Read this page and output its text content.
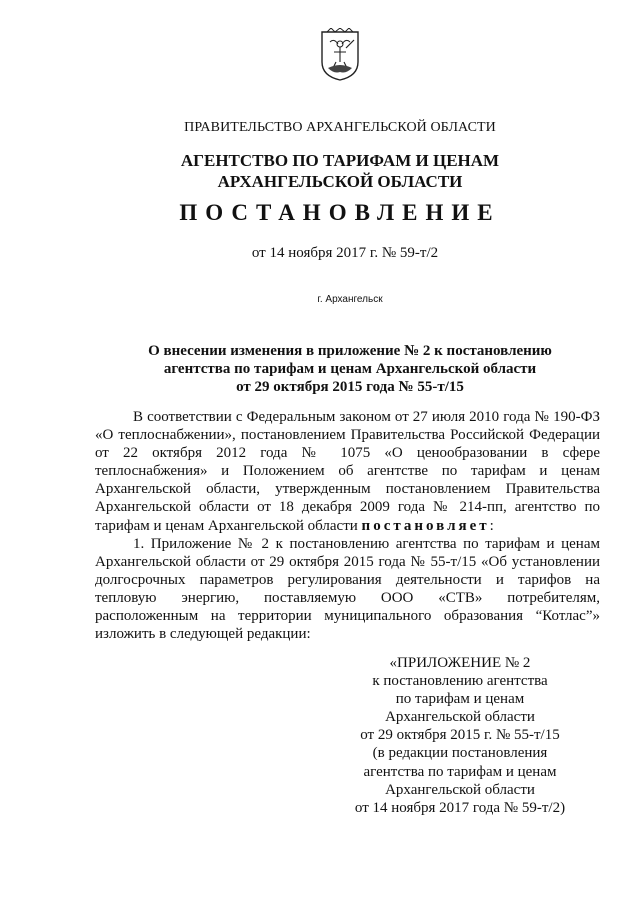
ПРАВИТЕЛЬСТВО АРХАНГЕЛЬСКОЙ ОБЛАСТИ
АГЕНТСТВО ПО ТАРИФАМ И ЦЕНАМ
АРХАНГЕЛЬСКОЙ ОБЛАСТИ
ПОСТАНОВЛЕНИЕ
от 14 ноября 2017 г. № 59-т/2
г. Архангельск
О внесении изменения в приложение № 2 к постановлению
агентства по тарифам и ценам Архангельской области
от 29 октября 2015 года № 55-т/15

В соответствии с Федеральным законом от 27 июля 2010 года № 190-ФЗ «О теплоснабжении», постановлением Правительства Российской Федерации от 22 октября 2012 года № 1075 «О ценообразовании в сфере теплоснабжения» и Положением об агентстве по тарифам и ценам Архангельской области, утвержденным постановлением Правительства Архангельской области от 18 декабря 2009 года № 214-пп, агентство по тарифам и ценам Архангельской области постановляет:

1. Приложение № 2 к постановлению агентства по тарифам и ценам Архангельской области от 29 октября 2015 года № 55-т/15 «Об установлении долгосрочных параметров регулирования деятельности и тарифов на тепловую энергию, поставляемую ООО «СТВ» потребителям, расположенным на территории муниципального образования “Котлас”» изложить в следующей редакции:

«ПРИЛОЖЕНИЕ № 2
к постановлению агентства
по тарифам и ценам
Архангельской области
от 29 октября 2015 г. № 55-т/15
(в редакции постановления
агентства по тарифам и ценам
Архангельской области
от 14 ноября 2017 года № 59-т/2)
